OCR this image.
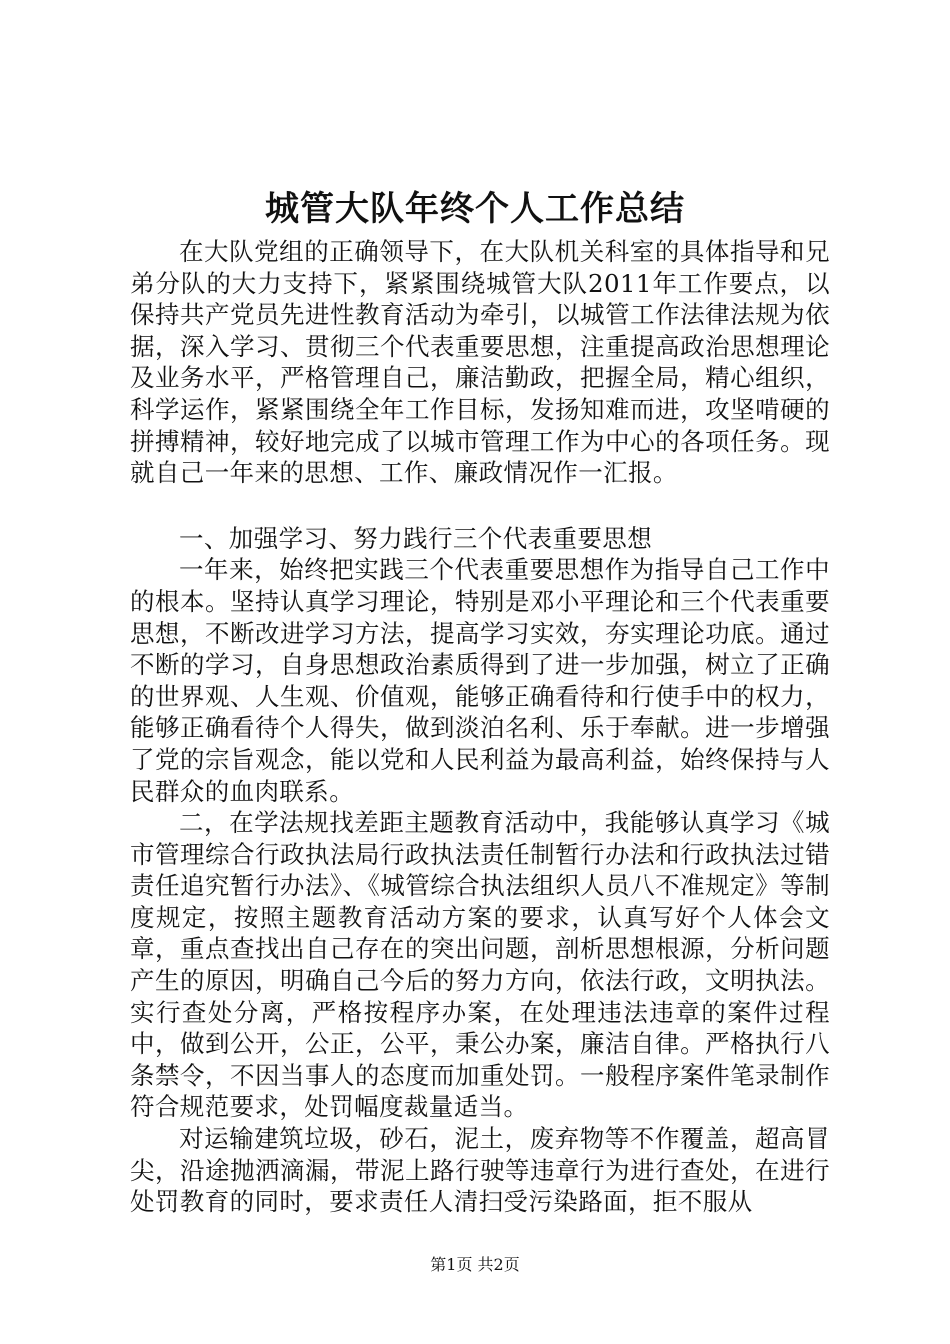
城管大队年终个人工作总结

在大队党组的正确领导下，在大队机关科室的具体指导和兄弟分队的大力支持下，紧紧围绕城管大队2011年工作要点，以保持共产党员先进性教育活动为牵引，以城管工作法律法规为依据，深入学习、贯彻三个代表重要思想，注重提高政治思想理论及业务水平，严格管理自己，廉洁勤政，把握全局，精心组织，科学运作，紧紧围绕全年工作目标，发扬知难而进，攻坚啃硬的拼搏精神，较好地完成了以城市管理工作为中心的各项任务。现就自己一年来的思想、工作、廉政情况作一汇报。

一、加强学习、努力践行三个代表重要思想

一年来，始终把实践三个代表重要思想作为指导自己工作中的根本。坚持认真学习理论，特别是邓小平理论和三个代表重要思想，不断改进学习方法，提高学习实效，夯实理论功底。通过不断的学习，自身思想政治素质得到了进一步加强，树立了正确的世界观、人生观、价值观，能够正确看待和行使手中的权力，能够正确看待个人得失，做到淡泊名利、乐于奉献。进一步增强了党的宗旨观念，能以党和人民利益为最高利益，始终保持与人民群众的血肉联系。

二，在学法规找差距主题教育活动中，我能够认真学习《城市管理综合行政执法局行政执法责任制暂行办法和行政执法过错责任追究暂行办法》、《城管综合执法组织人员八不准规定》等制度规定，按照主题教育活动方案的要求，认真写好个人体会文章，重点查找出自己存在的突出问题，剖析思想根源，分析问题产生的原因，明确自己今后的努力方向，依法行政，文明执法。实行查处分离，严格按程序办案，在处理违法违章的案件过程中，做到公开，公正，公平，秉公办案，廉洁自律。严格执行八条禁令，不因当事人的态度而加重处罚。一般程序案件笔录制作符合规范要求，处罚幅度裁量适当。

对运输建筑垃圾，砂石，泥土，废弃物等不作覆盖，超高冒尖，沿途抛洒滴漏，带泥上路行驶等违章行为进行查处，在进行处罚教育的同时，要求责任人清扫受污染路面，拒不服从

第1页 共2页
